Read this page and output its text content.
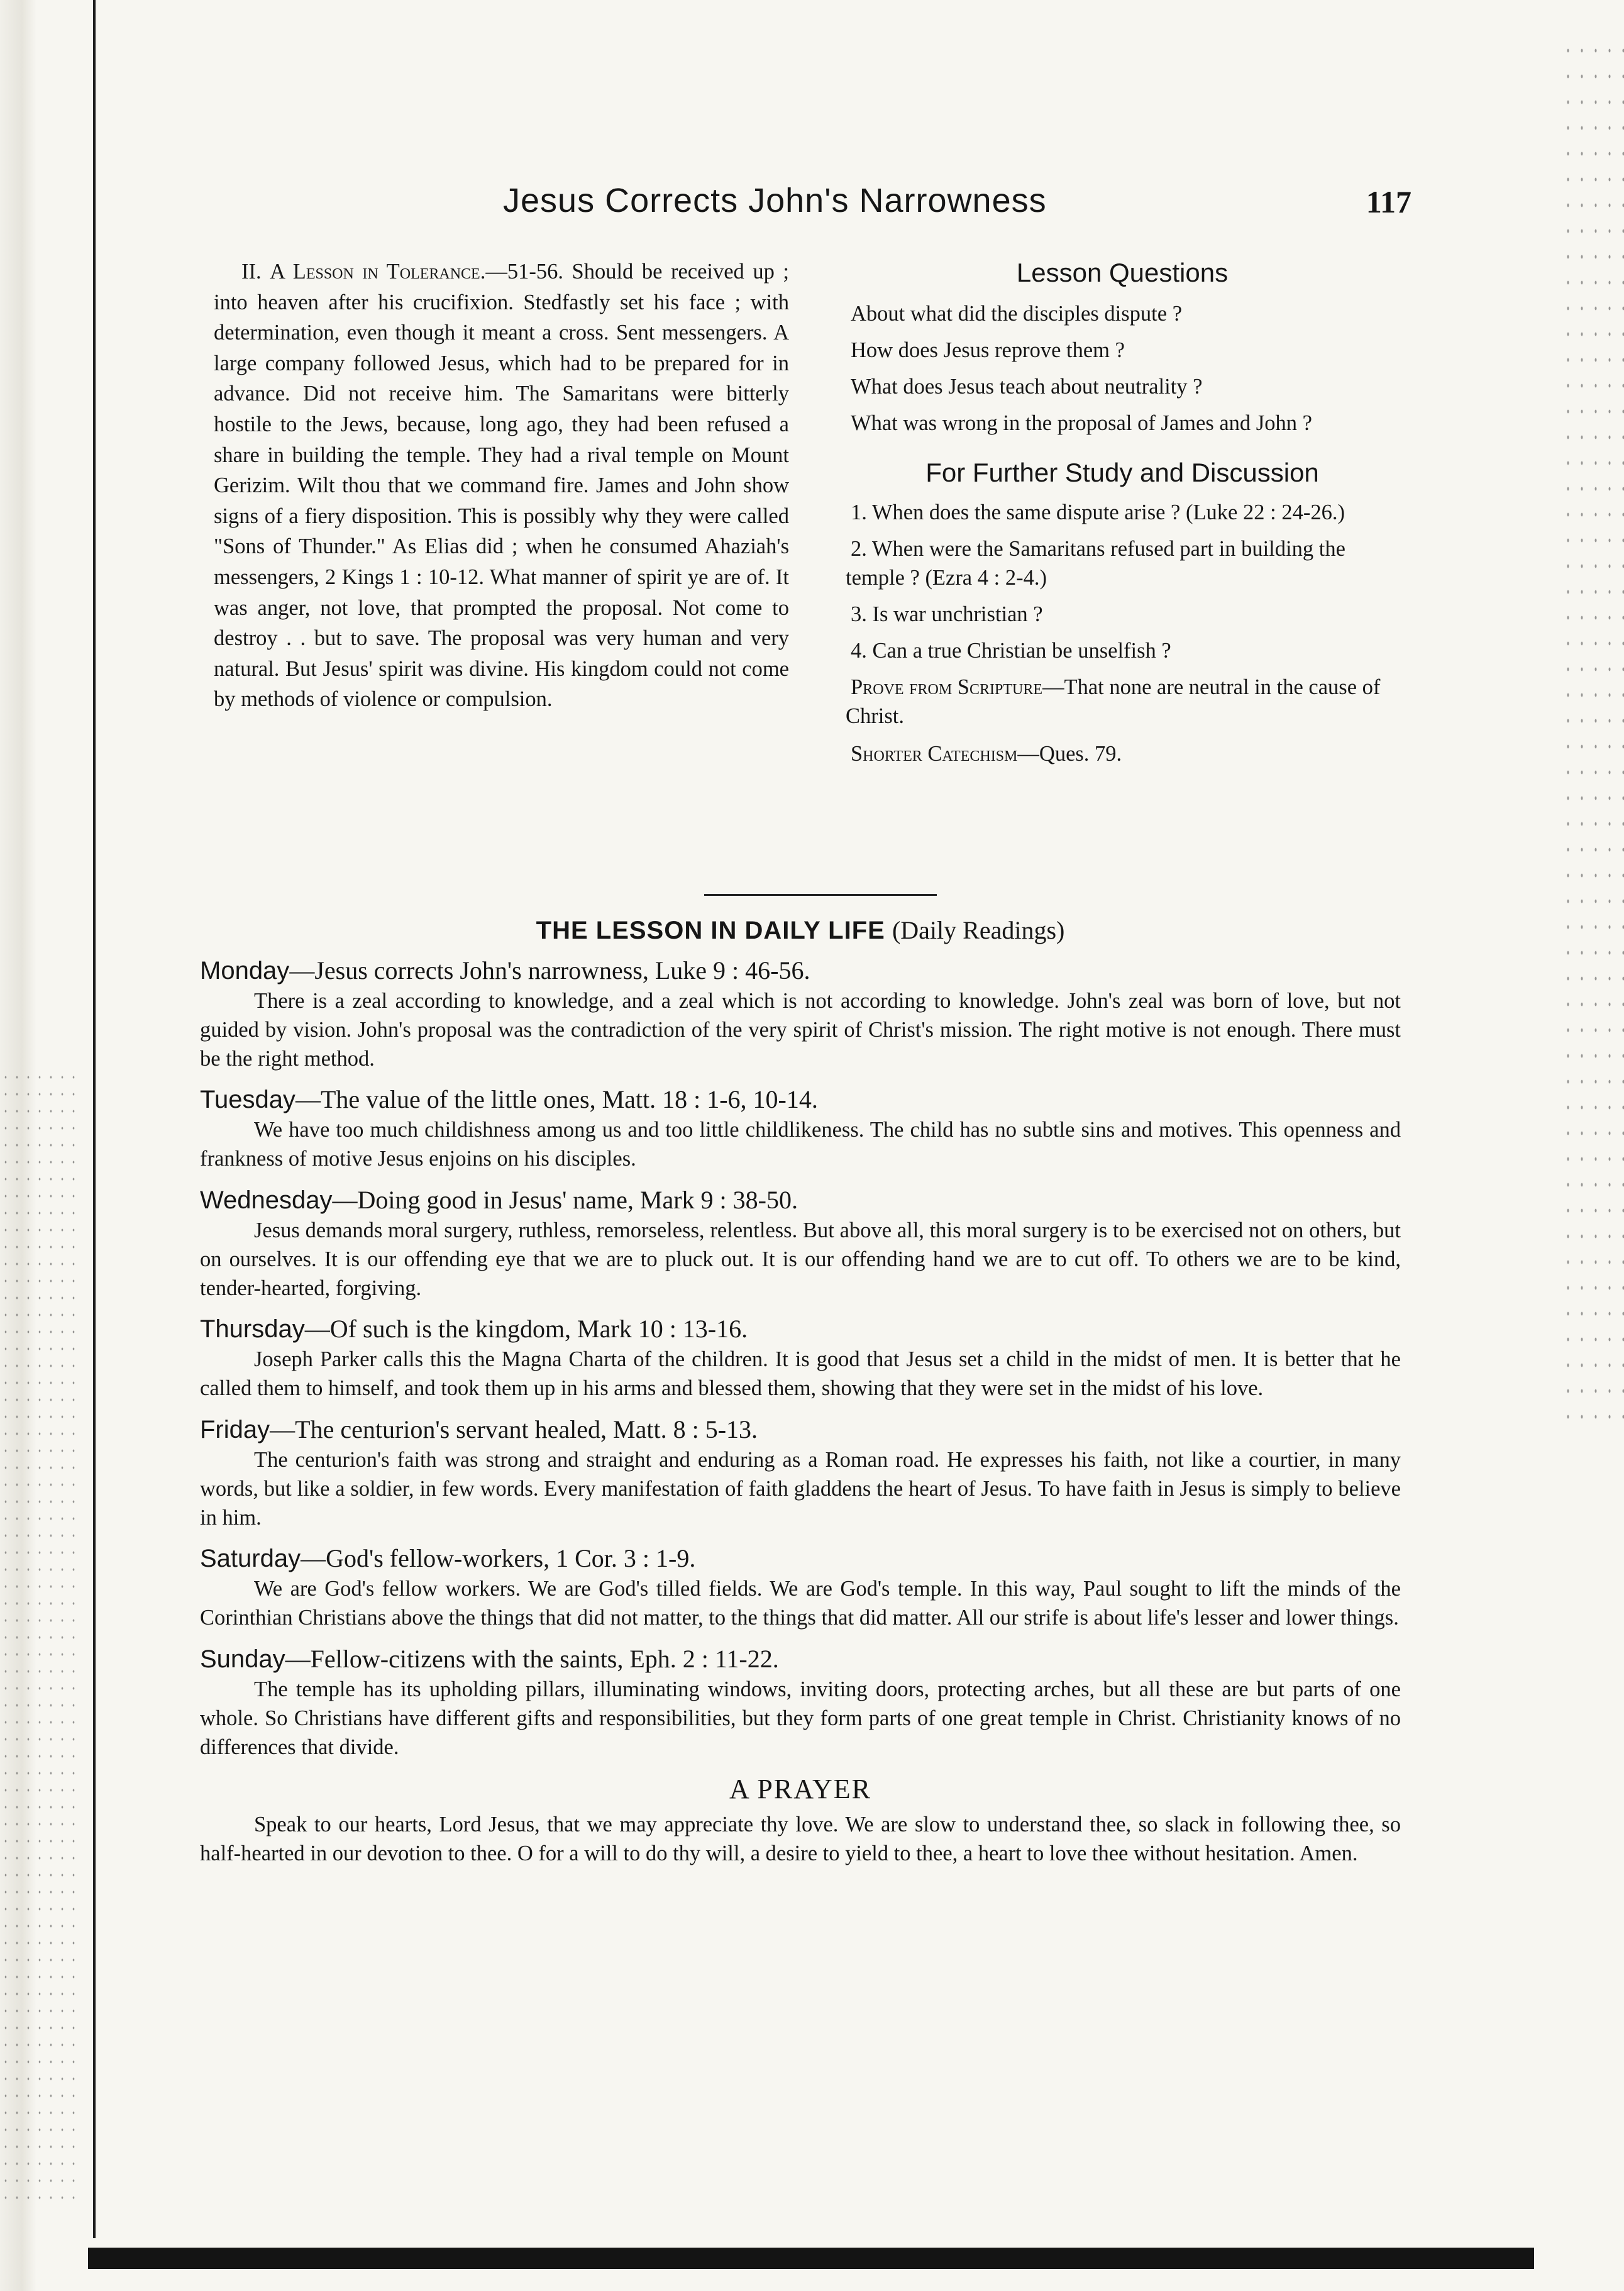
Jesus Corrects John's Narrowness	117

II. A Lesson in Tolerance.—51-56. Should be received up ; into heaven after his crucifixion. Stedfastly set his face ; with determination, even though it meant a cross. Sent messengers. A large company followed Jesus, which had to be prepared for in advance. Did not receive him. The Samaritans were bitterly hostile to the Jews, because, long ago, they had been refused a share in building the temple. They had a rival temple on Mount Gerizim. Wilt thou that we command fire. James and John show signs of a fiery disposition. This is possibly why they were called "Sons of Thunder." As Elias did ; when he consumed Ahaziah's messengers, 2 Kings 1 : 10-12. What manner of spirit ye are of. It was anger, not love, that prompted the proposal. Not come to destroy . . but to save. The proposal was very human and very natural. But Jesus' spirit was divine. His kingdom could not come by methods of violence or compulsion.

Lesson Questions

About what did the disciples dispute ?

How does Jesus reprove them ?

What does Jesus teach about neutrality ?

What was wrong in the proposal of James and John ?

For Further Study and Discussion

1. When does the same dispute arise ? (Luke 22 : 24-26.)

2. When were the Samaritans refused part in building the temple ? (Ezra 4 : 2-4.)

3. Is war unchristian ?

4. Can a true Christian be unselfish ?

Prove from Scripture—That none are neutral in the cause of Christ.

Shorter Catechism—Ques. 79.

THE LESSON IN DAILY LIFE (Daily Readings)
Monday—Jesus corrects John's narrowness, Luke 9 : 46-56.
There is a zeal according to knowledge, and a zeal which is not according to knowledge. John's zeal was born of love, but not guided by vision. John's proposal was the contradiction of the very spirit of Christ's mission. The right motive is not enough. There must be the right method.
Tuesday—The value of the little ones, Matt. 18 : 1-6, 10-14.
We have too much childishness among us and too little childlikeness. The child has no subtle sins and motives. This openness and frankness of motive Jesus enjoins on his disciples.
Wednesday—Doing good in Jesus' name, Mark 9 : 38-50.
Jesus demands moral surgery, ruthless, remorseless, relentless. But above all, this moral surgery is to be exercised not on others, but on ourselves. It is our offending eye that we are to pluck out. It is our offending hand we are to cut off. To others we are to be kind, tender-hearted, forgiving.
Thursday—Of such is the kingdom, Mark 10 : 13-16.
Joseph Parker calls this the Magna Charta of the children. It is good that Jesus set a child in the midst of men. It is better that he called them to himself, and took them up in his arms and blessed them, showing that they were set in the midst of his love.
Friday—The centurion's servant healed, Matt. 8 : 5-13.
The centurion's faith was strong and straight and enduring as a Roman road. He expresses his faith, not like a courtier, in many words, but like a soldier, in few words. Every manifestation of faith gladdens the heart of Jesus. To have faith in Jesus is simply to believe in him.
Saturday—God's fellow-workers, 1 Cor. 3 : 1-9.
We are God's fellow workers. We are God's tilled fields. We are God's temple. In this way, Paul sought to lift the minds of the Corinthian Christians above the things that did not matter, to the things that did matter. All our strife is about life's lesser and lower things.
Sunday—Fellow-citizens with the saints, Eph. 2 : 11-22.
The temple has its upholding pillars, illuminating windows, inviting doors, protecting arches, but all these are but parts of one whole. So Christians have different gifts and responsibilities, but they form parts of one great temple in Christ. Christianity knows of no differences that divide.
A PRAYER
Speak to our hearts, Lord Jesus, that we may appreciate thy love. We are slow to understand thee, so slack in following thee, so half-hearted in our devotion to thee. O for a will to do thy will, a desire to yield to thee, a heart to love thee without hesitation. Amen.
